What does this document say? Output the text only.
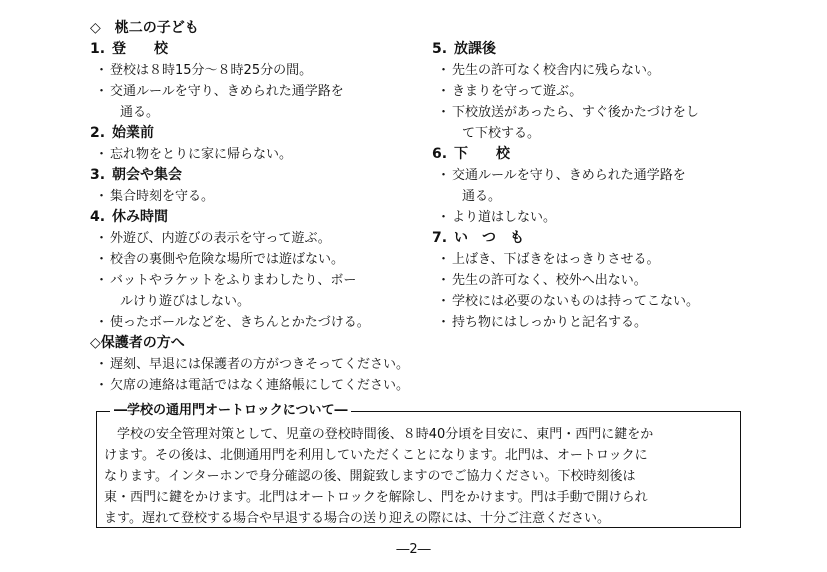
◇　桃二の子ども
1. 登　　校
・ 登校は８時15分～８時25分の間。
・ 交通ルールを守り、きめられた通学路を
通る。
2. 始業前
・ 忘れ物をとりに家に帰らない。
3. 朝会や集会
・ 集合時刻を守る。
4. 休み時間
・ 外遊び、内遊びの表示を守って遊ぶ。
・ 校舎の裏側や危険な場所では遊ばない。
・ バットやラケットをふりまわしたり、ボー
ルけり遊びはしない。
・ 使ったボールなどを、きちんとかたづける。
5. 放課後
・ 先生の許可なく校舎内に残らない。
・ きまりを守って遊ぶ。
・ 下校放送があったら、すぐ後かたづけをし
て下校する。
6. 下　　校
・ 交通ルールを守り、きめられた通学路を
通る。
・ より道はしない。
7. い　つ　も
・ 上ばき、下ばきをはっきりさせる。
・ 先生の許可なく、校外へ出ない。
・ 学校には必要のないものは持ってこない。
・ 持ち物にはしっかりと記名する。
◇保護者の方へ
・ 遅刻、早退には保護者の方がつきそってください。
・ 欠席の連絡は電話ではなく連絡帳にしてください。
―学校の通用門オートロックについて―

　学校の安全管理対策として、児童の登校時間後、８時40分頃を目安に、東門・西門に鍵をか

けます。その後は、北側通用門を利用していただくことになります。北門は、オートロックに

なります。インターホンで身分確認の後、開錠致しますのでご協力ください。下校時刻後は

東・西門に鍵をかけます。北門はオートロックを解除し、門をかけます。門は手動で開けられ

ます。遅れて登校する場合や早退する場合の送り迎えの際には、十分ご注意ください。

―2―
